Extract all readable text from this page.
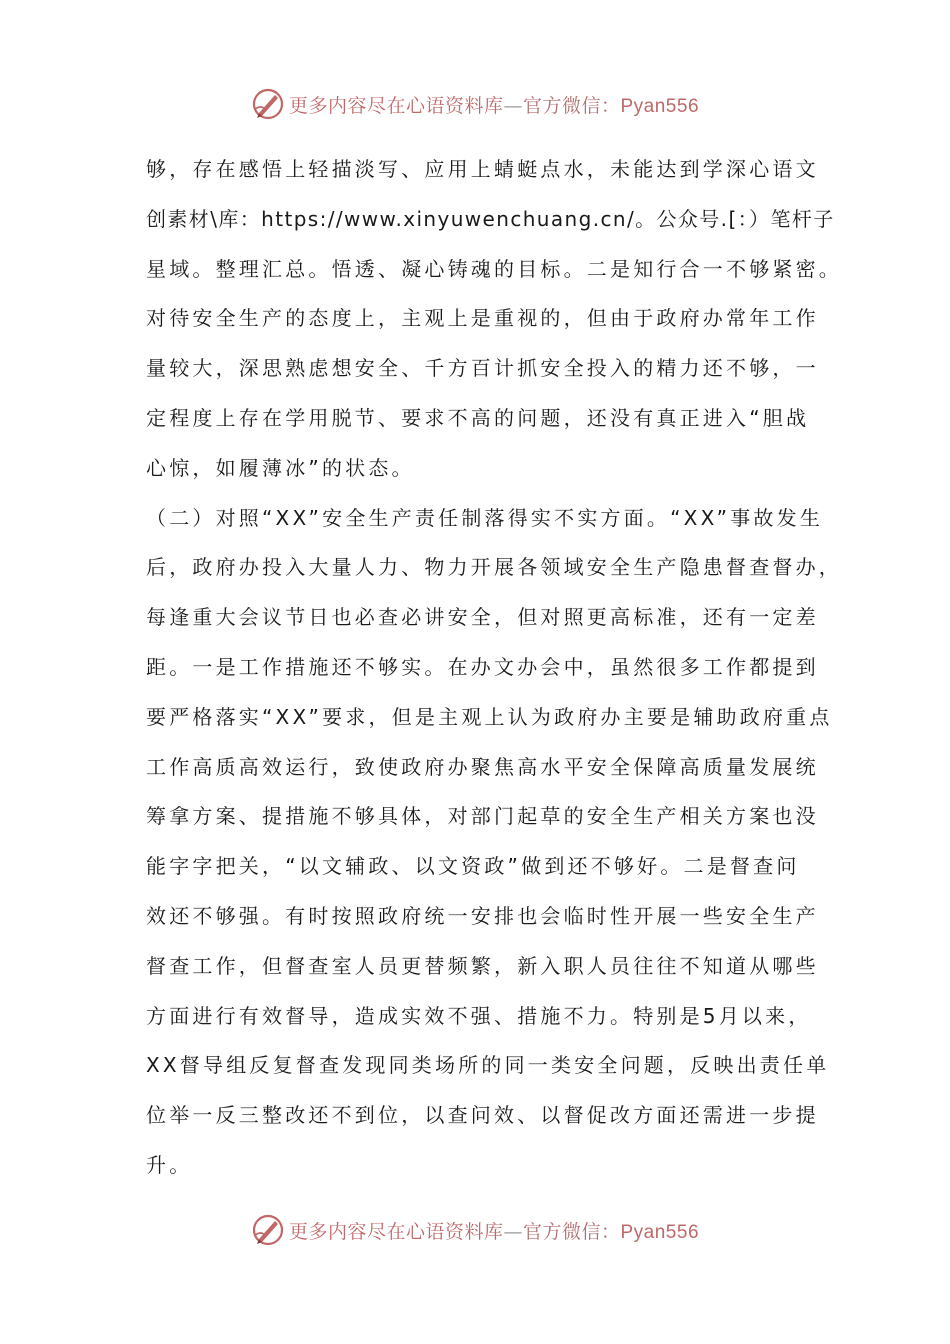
更多内容尽在心语资料库—官方微信：Pyan556
够，存在感悟上轻描淡写、应用上蜻蜓点水，未能达到学深心语文
创素材\库：https://www.xinyuwenchuang.cn/。公众号.[：）笔杆子
星域。整理汇总。悟透、凝心铸魂的目标。二是知行合一不够紧密。
对待安全生产的态度上，主观上是重视的，但由于政府办常年工作
量较大，深思熟虑想安全、千方百计抓安全投入的精力还不够，一
定程度上存在学用脱节、要求不高的问题，还没有真正进入“胆战
心惊，如履薄冰”的状态。
（二）对照“XX”安全生产责任制落得实不实方面。“XX”事故发生
后，政府办投入大量人力、物力开展各领域安全生产隐患督查督办，
每逢重大会议节日也必查必讲安全，但对照更高标准，还有一定差
距。一是工作措施还不够实。在办文办会中，虽然很多工作都提到
要严格落实“XX”要求，但是主观上认为政府办主要是辅助政府重点
工作高质高效运行，致使政府办聚焦高水平安全保障高质量发展统
筹拿方案、提措施不够具体，对部门起草的安全生产相关方案也没
能字字把关，“以文辅政、以文资政”做到还不够好。二是督查问
效还不够强。有时按照政府统一安排也会临时性开展一些安全生产
督查工作，但督查室人员更替频繁，新入职人员往往不知道从哪些
方面进行有效督导，造成实效不强、措施不力。特别是5月以来，
XX督导组反复督查发现同类场所的同一类安全问题，反映出责任单
位举一反三整改还不到位，以查问效、以督促改方面还需进一步提
升。
更多内容尽在心语资料库—官方微信：Pyan556
